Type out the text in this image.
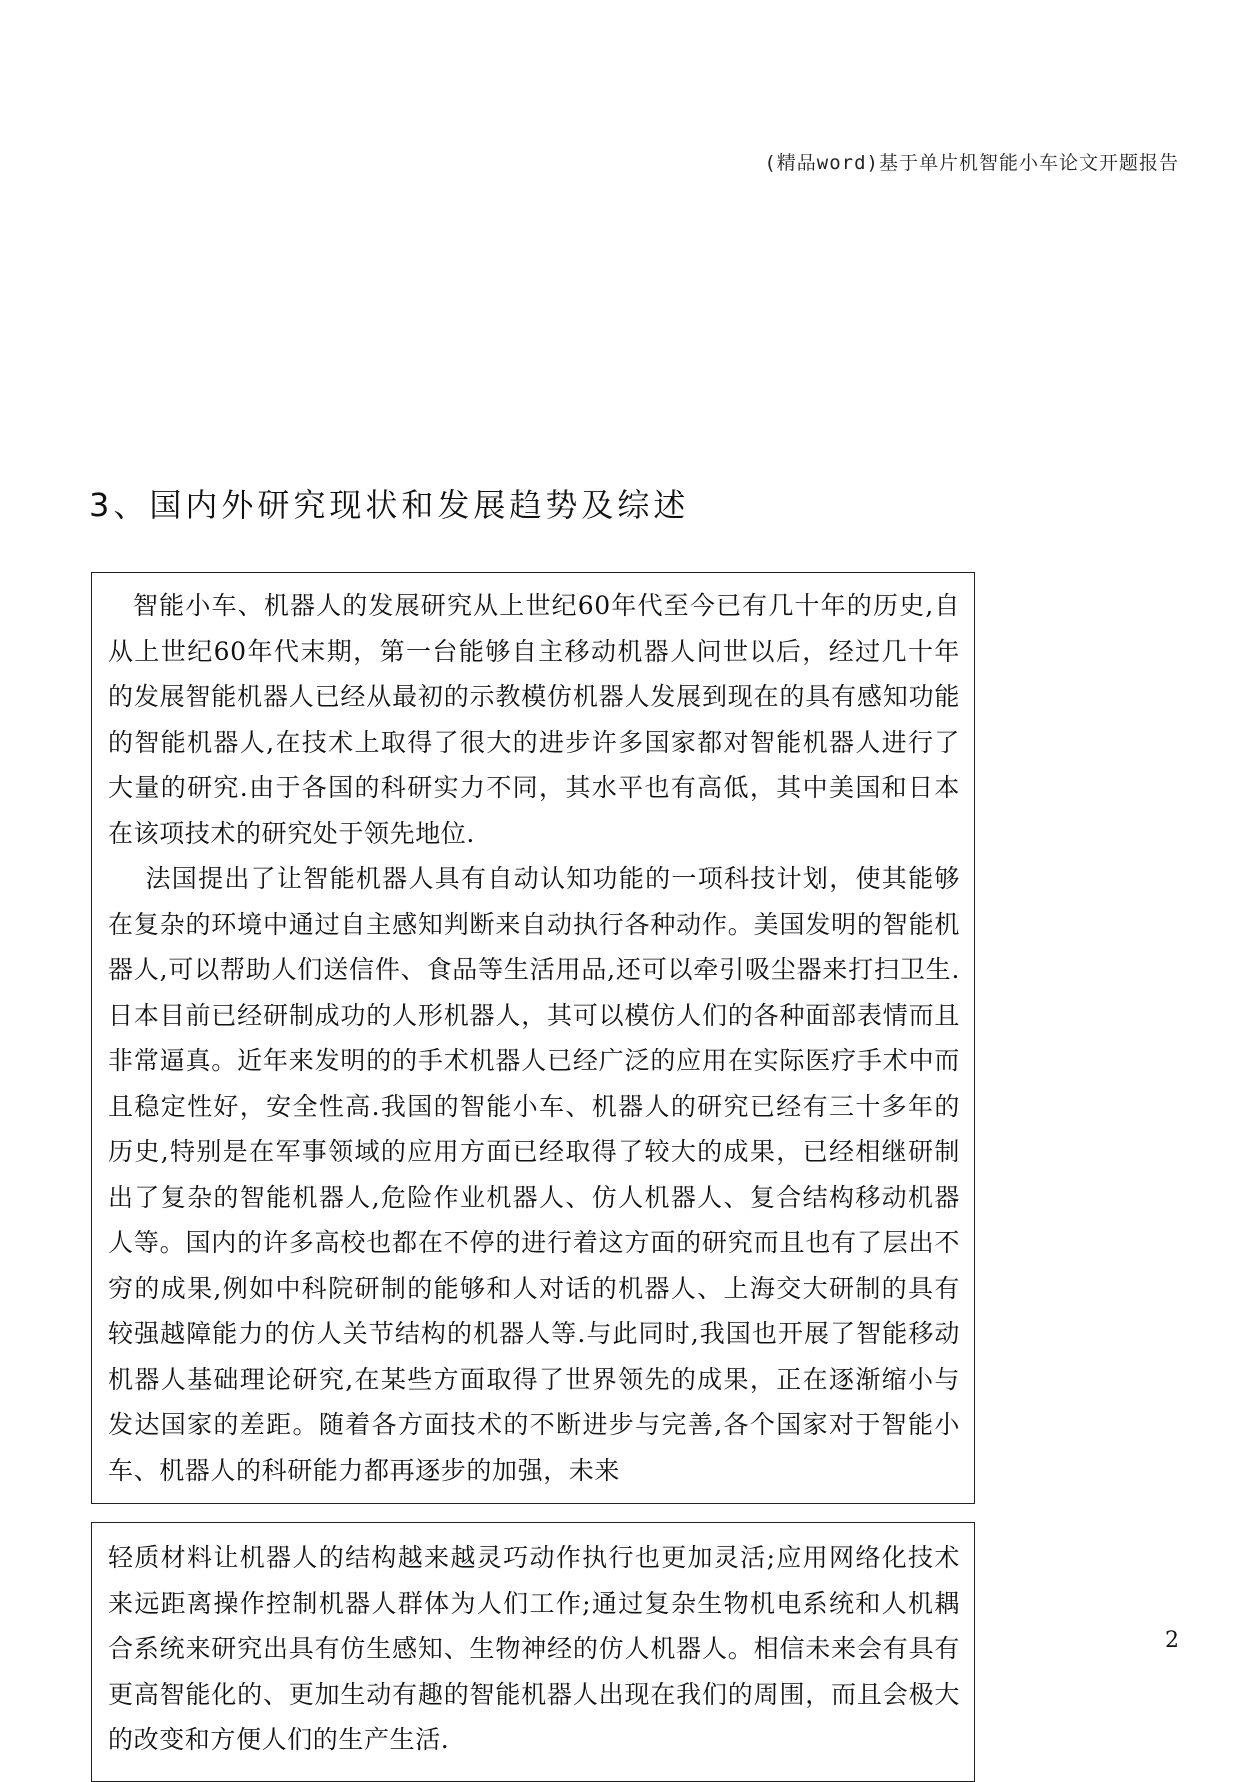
(精品word)基于单片机智能小车论文开题报告
3、国内外研究现状和发展趋势及综述

智能小车、机器人的发展研究从上世纪60年代至今已有几十年的历史,自从上世纪60年代末期，第一台能够自主移动机器人问世以后，经过几十年的发展智能机器人已经从最初的示教模仿机器人发展到现在的具有感知功能的智能机器人,在技术上取得了很大的进步许多国家都对智能机器人进行了大量的研究.由于各国的科研实力不同，其水平也有高低，其中美国和日本在该项技术的研究处于领先地位.

法国提出了让智能机器人具有自动认知功能的一项科技计划，使其能够在复杂的环境中通过自主感知判断来自动执行各种动作。美国发明的智能机器人,可以帮助人们送信件、食品等生活用品,还可以牵引吸尘器来打扫卫生.日本目前已经研制成功的人形机器人，其可以模仿人们的各种面部表情而且非常逼真。近年来发明的的手术机器人已经广泛的应用在实际医疗手术中而且稳定性好，安全性高.我国的智能小车、机器人的研究已经有三十多年的历史,特别是在军事领域的应用方面已经取得了较大的成果，已经相继研制出了复杂的智能机器人,危险作业机器人、仿人机器人、复合结构移动机器人等。国内的许多高校也都在不停的进行着这方面的研究而且也有了层出不穷的成果,例如中科院研制的能够和人对话的机器人、上海交大研制的具有较强越障能力的仿人关节结构的机器人等.与此同时,我国也开展了智能移动机器人基础理论研究,在某些方面取得了世界领先的成果，正在逐渐缩小与发达国家的差距。随着各方面技术的不断进步与完善,各个国家对于智能小车、机器人的科研能力都再逐步的加强，未来

轻质材料让机器人的结构越来越灵巧动作执行也更加灵活;应用网络化技术来远距离操作控制机器人群体为人们工作;通过复杂生物机电系统和人机耦合系统来研究出具有仿生感知、生物神经的仿人机器人。相信未来会有具有更高智能化的、更加生动有趣的智能机器人出现在我们的周围，而且会极大的改变和方便人们的生产生活.

2
